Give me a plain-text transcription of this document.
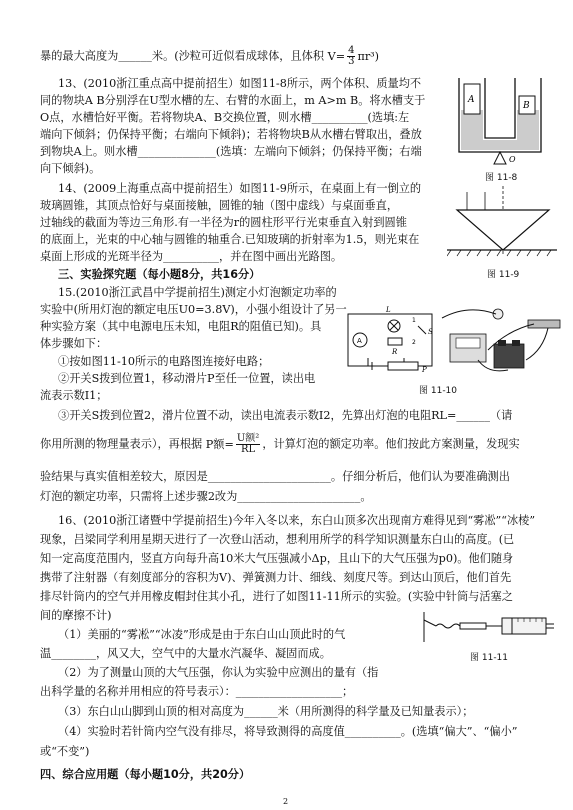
暴的最大高度为______米。(沙粒可近似看成球体，且体积 $V= \frac{4}{3} \pi r^3$)
13、(2010浙江重点高中提前招生）如图11-8所示，两个体积、质量均不
同的物块A B分别浮在U型水槽的左、右臂的水面上，m A>m B。将水槽支于
O点，水槽恰好平衡。若将物块A、B交换位置，则水槽__________(选填:左
端向下倾斜；仍保持平衡；右端向下倾斜)；若将物块B从水槽右臂取出，叠放
到物块A上。则水槽______________(选填：左端向下倾斜；仍保持平衡；右端
向下倾斜)。
14、(2009上海重点高中提前招生）如图11-9所示，在桌面上有一倒立的
玻璃圆锥，其顶点恰好与桌面接触，圆锥的轴（图中虚线）与桌面垂直，
过轴线的截面为等边三角形.有一半径为r的圆柱形平行光束垂直入射到圆锥
的底面上，光束的中心轴与圆锥的轴重合.已知玻璃的折射率为1.5，则光束在
桌面上形成的光斑半径为__________，并在图中画出光路图。
三、实验探究题（每小题8分，共16分）
15.(2010浙江武昌中学提前招生)测定小灯泡额定功率的
实验中(所用灯泡的额定电压U0=3.8V)，小强小组设计了另一
种实验方案（其中电源电压未知，电阻R的阻值已知)。具
体步骤如下：
①按如图11-10所示的电路图连接好电路；
②开关S拨到位置1，移动滑片P至任一位置，读出电
流表示数I1；
③开关S拨到位置2，滑片位置不动，读出电流表示数I2，先算出灯泡的电阻RL=______（请
你用所测的物理量表示），再根据 P额= $\frac{\text{U额²}}{RL}$ ，计算灯泡的额定功率。他们按此方案测量，发现实
验结果与真实值相差较大，原因是______________________。仔细分析后，他们认为要准确测出
灯泡的额定功率，只需将上述步骤2改为______________________。
16、(2010浙江诸暨中学提前招生)今年入冬以来，东白山顶多次出现南方难得见到“雾凇”“冰棱”
现象，吕梁同学利用星期天进行了一次登山活动，想利用所学的科学知识测量东白山的高度。(已
知一定高度范围内，竖直方向每升高10米大气压强减小Δp，且山下的大气压强为p0)。他们随身
携带了注射器（有刻度部分的容积为V)、弹簧测力计、细线、刻度尺等。到达山顶后，他们首先
排尽针筒内的空气并用橡皮帽封住其小孔，进行了如图11-11所示的实验。(实验中针筒与活塞之
间的摩擦不计)
（1）美丽的“雾凇”“冰凌”形成是由于东白山山顶此时的气
温________，风又大，空气中的大量水汽凝华、凝固而成。
（2）为了测量山顶的大气压强，你认为实验中应测出的量有（指
出科学量的名称并用相应的符号表示）：___________________；
（3）东白山山脚到山顶的相对高度为______米（用所测得的科学量及已知量表示）；
（4）实验时若针筒内空气没有排尽，将导致测得的高度值__________。(选填“偏大”、“偏小”
或“不变”)
四、综合应用题（每小题10分，共20分）
A
B
O
图 11-8
图 11-9
A
L
R
P
1
2
S
图 11-10
图 11-11
2
